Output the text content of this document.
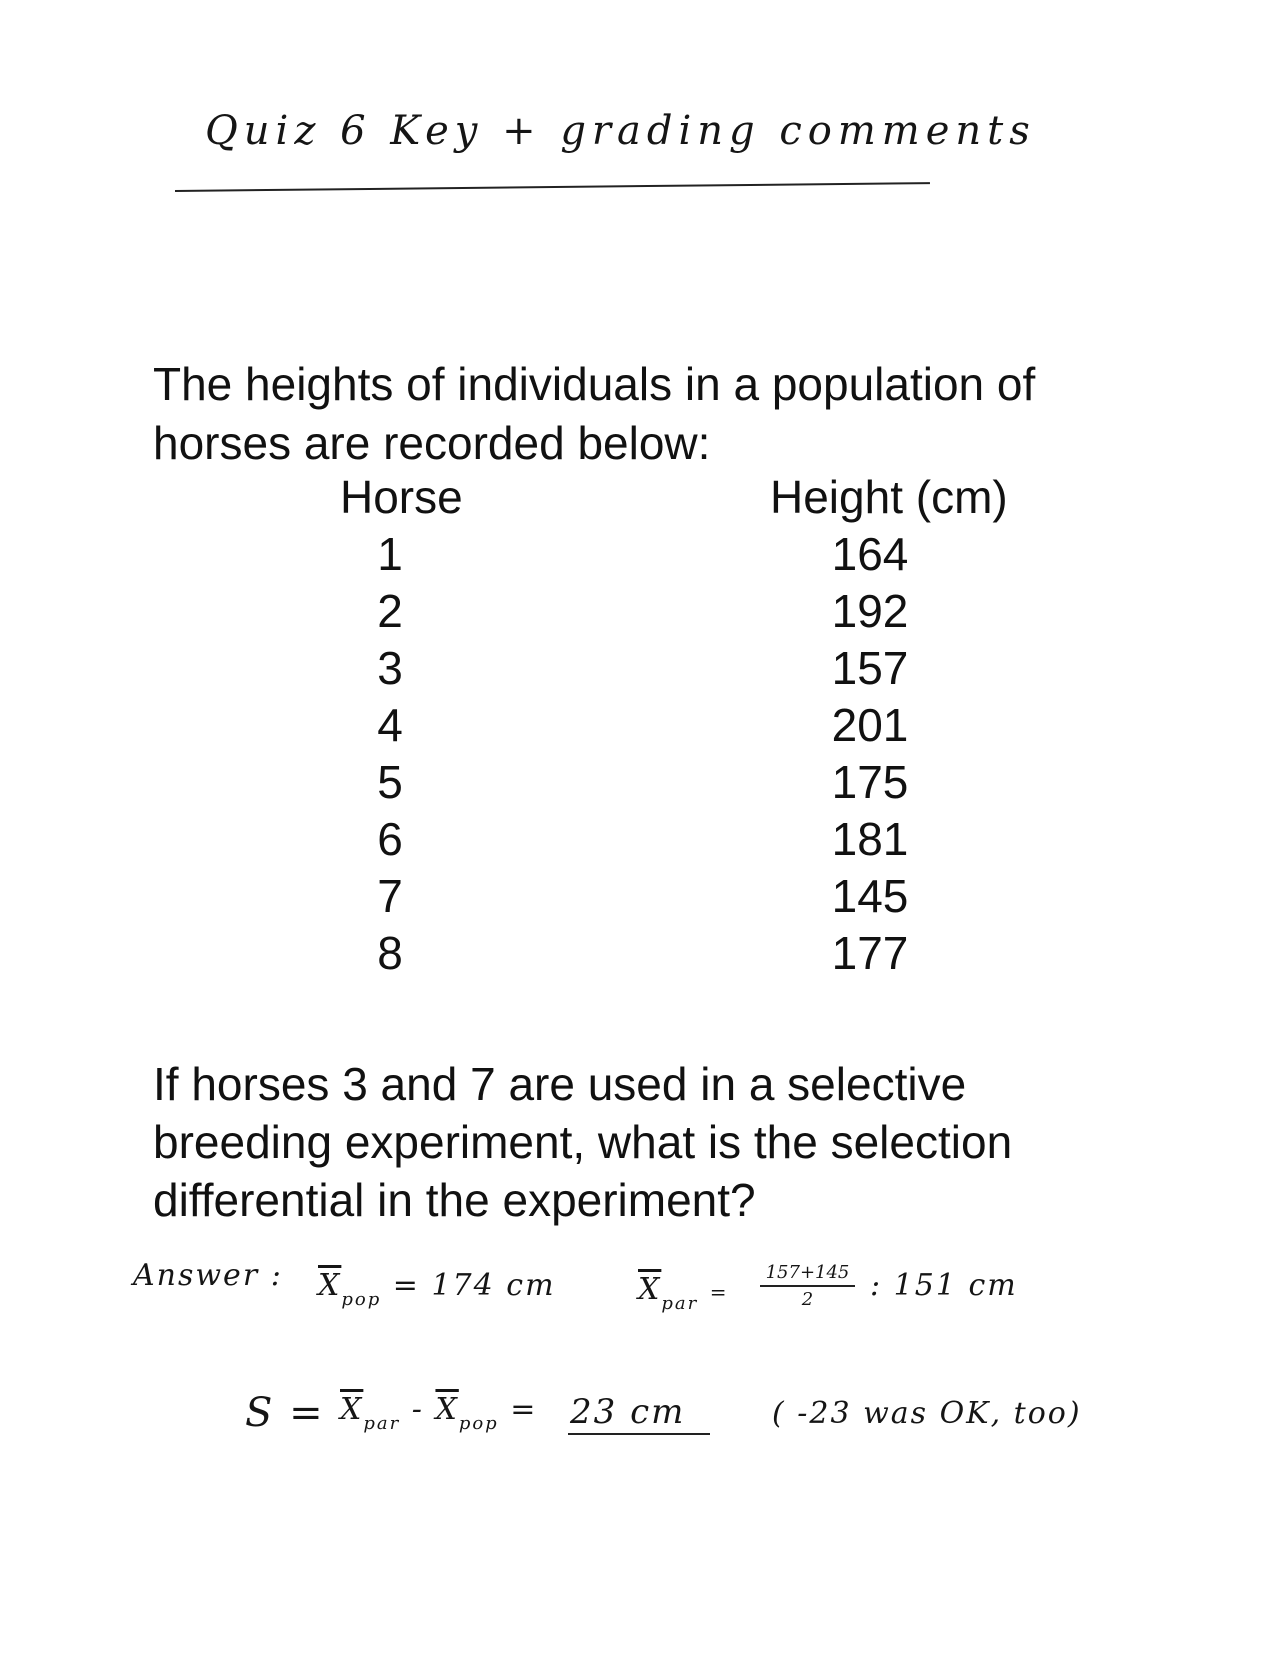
Quiz 6 Key + grading comments
The heights of individuals in a population of horses are recorded below:
Horse	Height (cm)
1	164
2	192
3	157
4	201
5	175
6	181
7	145
8	177
If horses 3 and 7 are used in a selective breeding experiment, what is the selection differential in the experiment?
Answer : $\overline{X}_{pop} = 174$ cm	$\overline{X}_{par} = \frac{157+145}{2}$ : 151 cm
$S = \overline{X}_{par} - \overline{X}_{pop} = 23$ cm	( -23 was OK, too)
